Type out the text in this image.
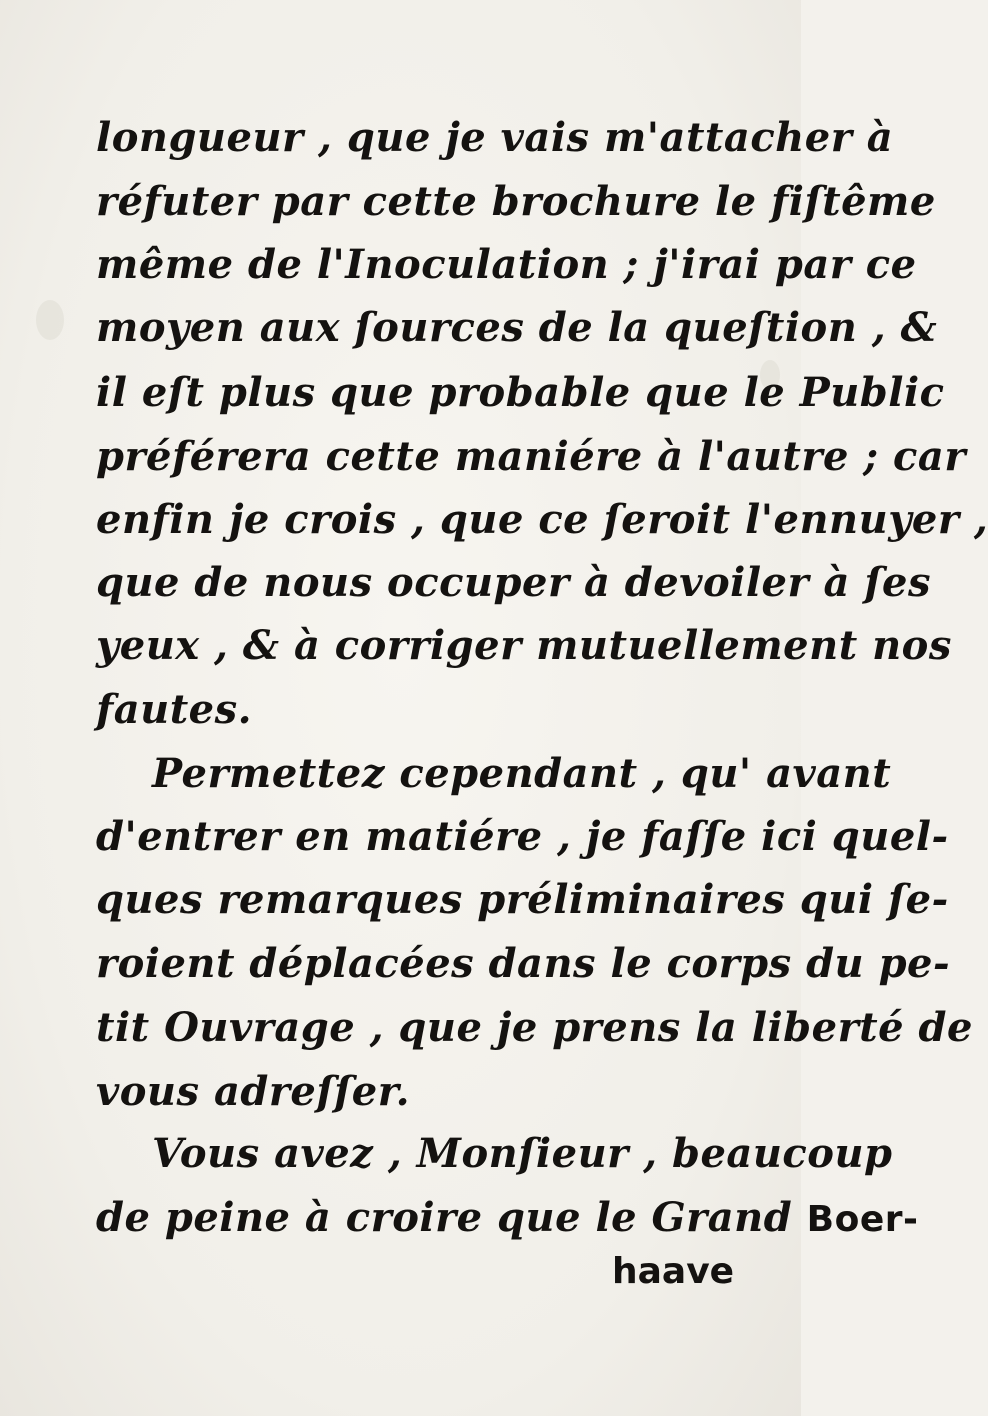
longueur , que je vais m'attacher à
réfuter par cette brochure le fiſtême
même de l'Inoculation ; j'irai par ce
moyen aux ſources de la queſtion , &
il eſt plus que probable que le Public
préférera cette maniére à l'autre ; car
enfin je crois , que ce ſeroit l'ennuyer ,
que de nous occuper à devoiler à ſes
yeux , & à corriger mutuellement nos
fautes.
Permettez cependant , qu' avant
d'entrer en matiére , je faſſe ici quel-
ques remarques préliminaires qui ſe-
roient déplacées dans le corps du pe-
tit Ouvrage , que je prens la liberté de
vous adreſſer.
Vous avez , Monſieur , beaucoup
de peine à croire que le Grand Boer-
haave
